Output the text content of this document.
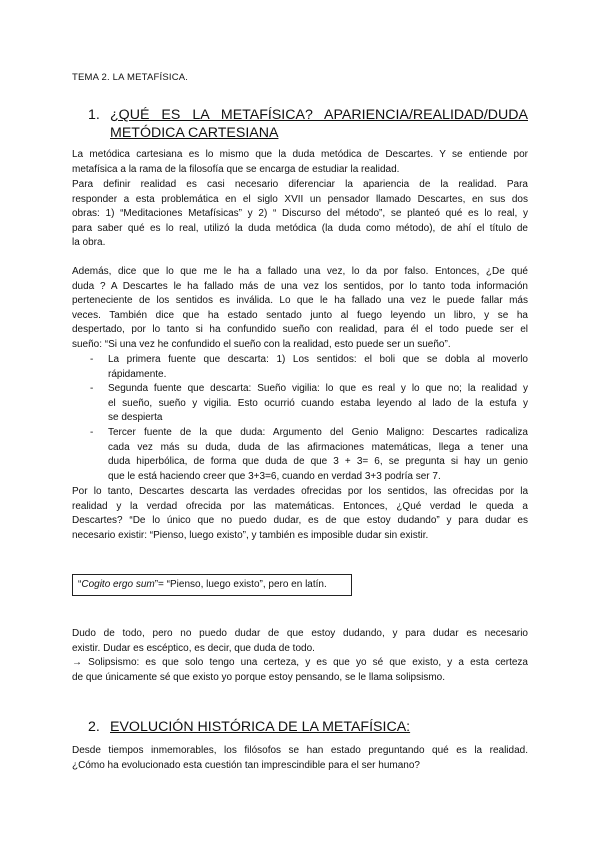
TEMA 2. LA METAFÍSICA.
1. ¿QUÉ ES LA METAFÍSICA? APARIENCIA/REALIDAD/DUDA
METÓDICA CARTESIANA
La metódica cartesiana es lo mismo que la duda metódica de Descartes. Y se entiende por
metafísica a la rama de la filosofía que se encarga de estudiar la realidad.
Para definir realidad es casi necesario diferenciar la apariencia de la realidad. Para
responder a esta problemática en el siglo XVII un pensador llamado Descartes, en sus dos
obras: 1) “Meditaciones Metafísicas” y 2) “ Discurso del método”, se planteó qué es lo real, y
para saber qué es lo real, utilizó la duda metódica (la duda como método), de ahí el título de
la obra.
Además, dice que lo que me le ha a fallado una vez, lo da por falso. Entonces, ¿De qué
duda ? A Descartes le ha fallado más de una vez los sentidos, por lo tanto toda información
perteneciente de los sentidos es inválida. Lo que le ha fallado una vez le puede fallar más
veces. También dice que ha estado sentado junto al fuego leyendo un libro, y se ha
despertado, por lo tanto si ha confundido sueño con realidad, para él el todo puede ser el
sueño: “Si una vez he confundido el sueño con la realidad, esto puede ser un sueño”.
-	La primera fuente que descarta: 1) Los sentidos: el boli que se dobla al moverlo
rápidamente.
-	Segunda fuente que descarta: Sueño vigilia: lo que es real y lo que no; la realidad y
el sueño, sueño y vigilia. Esto ocurrió cuando estaba leyendo al lado de la estufa y
se despierta
-	Tercer fuente de la que duda: Argumento del Genio Maligno: Descartes radicaliza
cada vez más su duda, duda de las afirmaciones matemáticas, llega a tener una
duda hiperbólica, de forma que duda de que 3 + 3= 6, se pregunta si hay un genio
que le está haciendo creer que 3+3=6, cuando en verdad 3+3 podría ser 7.
Por lo tanto, Descartes descarta las verdades ofrecidas por los sentidos, las ofrecidas por la
realidad y la verdad ofrecida por las matemáticas. Entonces, ¿Qué verdad le queda a
Descartes? “De lo único que no puedo dudar, es de que estoy dudando” y para dudar es
necesario existir: “Pienso, luego existo”, y también es imposible dudar sin existir.
“Cogito ergo sum”= “Pienso, luego existo”, pero en latín.
Dudo de todo, pero no puedo dudar de que estoy dudando, y para dudar es necesario
existir. Dudar es escéptico, es decir, que duda de todo.
→ Solipsismo: es que solo tengo una certeza, y es que yo sé que existo, y a esta certeza
de que únicamente sé que existo yo porque estoy pensando, se le llama solipsismo.
2. EVOLUCIÓN HISTÓRICA DE LA METAFÍSICA:
Desde tiempos inmemorables, los filósofos se han estado preguntando qué es la realidad.
¿Cómo ha evolucionado esta cuestión tan imprescindible para el ser humano?
